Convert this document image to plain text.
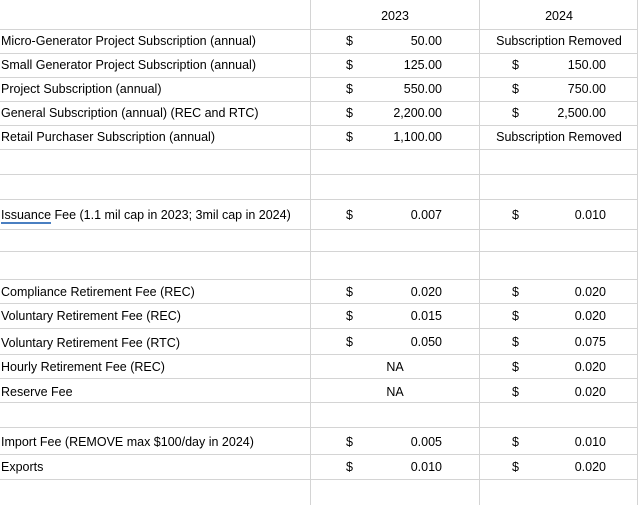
2023	2024
Micro-Generator Project Subscription (annual)	$	50.00	Subscription Removed
Small Generator Project Subscription (annual)	$	125.00	$	150.00
Project Subscription (annual)	$	550.00	$	750.00
General Subscription (annual) (REC and RTC)	$	2,200.00	$	2,500.00
Retail Purchaser Subscription (annual)	$	1,100.00	Subscription Removed
Issuance Fee (1.1 mil cap in 2023; 3mil cap in 2024)	$	0.007	$	0.010
Compliance Retirement Fee (REC)	$	0.020	$	0.020
Voluntary Retirement Fee (REC)	$	0.015	$	0.020
Voluntary Retirement Fee (RTC)	$	0.050	$	0.075
Hourly Retirement Fee (REC)	NA	$	0.020
Reserve Fee	NA	$	0.020
Import Fee (REMOVE max $100/day in 2024)	$	0.005	$	0.010
Exports	$	0.010	$	0.020
